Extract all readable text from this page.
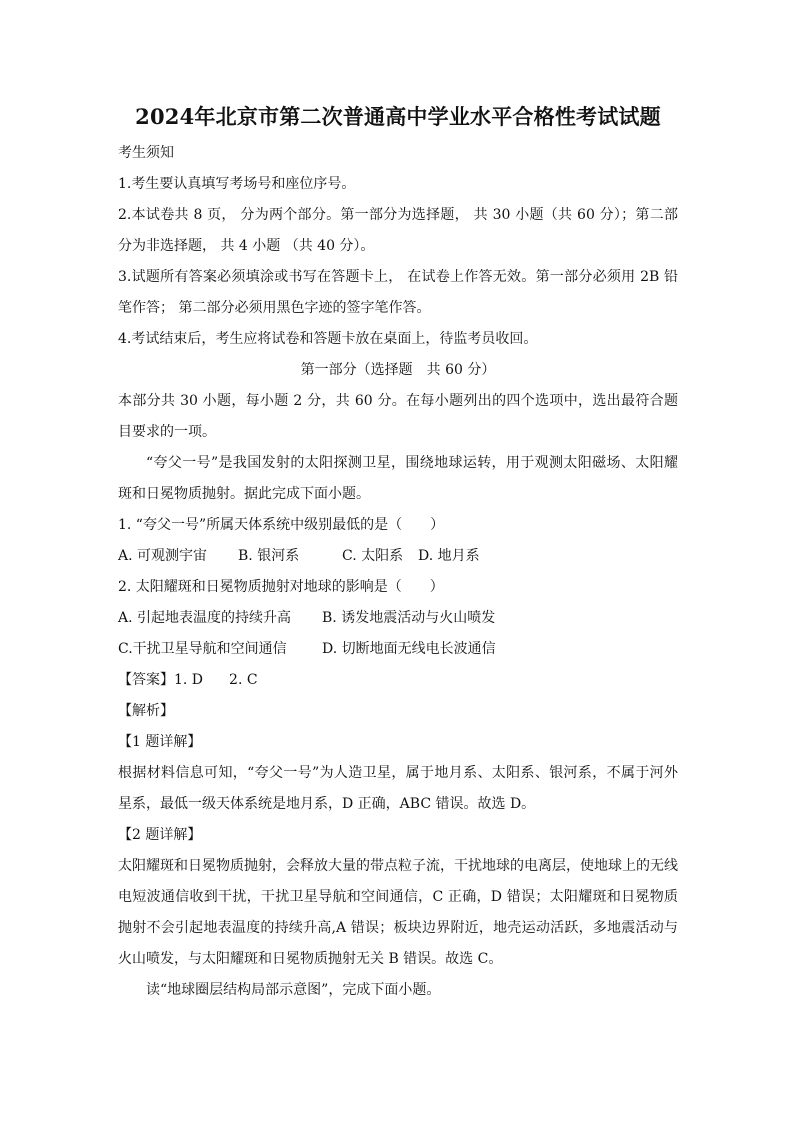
2024年北京市第二次普通高中学业水平合格性考试试题

考生须知

1.考生要认真填写考场号和座位序号。

2.本试卷共 8 页， 分为两个部分。第一部分为选择题， 共 30 小题（共 60 分）；第二部分为非选择题， 共 4 小题 （共 40 分）。

3.试题所有答案必须填涂或书写在答题卡上， 在试卷上作答无效。第一部分必须用 2B 铅笔作答； 第二部分必须用黑色字迹的签字笔作答。

4.考试结束后，考生应将试卷和答题卡放在桌面上，待监考员收回。

第一部分（选择题　共 60 分）

本部分共 30 小题，每小题 2 分，共 60 分。在每小题列出的四个选项中，选出最符合题目要求的一项。

“夸父一号”是我国发射的太阳探测卫星，围绕地球运转，用于观测太阳磁场、太阳耀斑和日冕物质抛射。据此完成下面小题。

1. “夸父一号”所属天体系统中级别最低的是（　　）

A. 可观测宇宙	B. 银河系	C. 太阳系	D. 地月系

2. 太阳耀斑和日冕物质抛射对地球的影响是（　　）

A. 引起地表温度的持续升高	B. 诱发地震活动与火山喷发
C.干扰卫星导航和空间通信	D. 切断地面无线电长波通信

【答案】1. D 2. C

【解析】

【1 题详解】

根据材料信息可知，“夸父一号”为人造卫星，属于地月系、太阳系、银河系，不属于河外星系，最低一级天体系统是地月系，D 正确，ABC 错误。故选 D。

【2 题详解】

太阳耀斑和日冕物质抛射，会释放大量的带点粒子流，干扰地球的电离层，使地球上的无线电短波通信收到干扰，干扰卫星导航和空间通信，C 正确，D 错误；太阳耀斑和日冕物质抛射不会引起地表温度的持续升高,A 错误；板块边界附近，地壳运动活跃，多地震活动与火山喷发，与太阳耀斑和日冕物质抛射无关 B 错误。故选 C。

读“地球圈层结构局部示意图”，完成下面小题。
